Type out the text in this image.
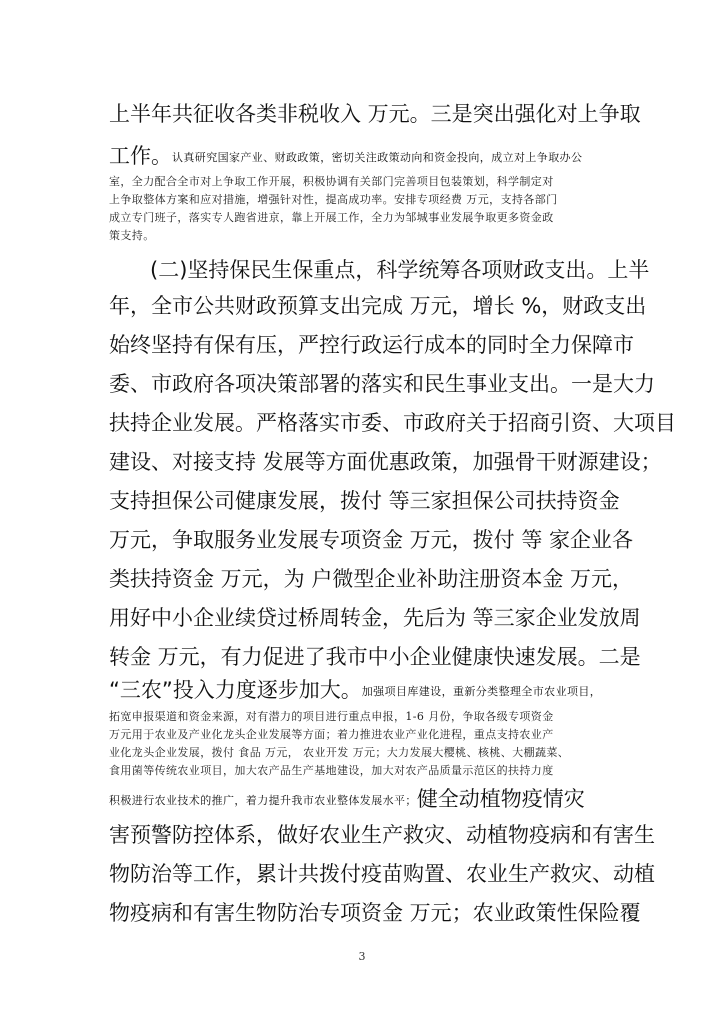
上半年共征收各类非税收入 万元。三是突出强化对上争取
工作。认真研究国家产业、财政政策，密切关注政策动向和资金投向，成立对上争取办公
室，全力配合全市对上争取工作开展，积极协调有关部门完善项目包装策划，科学制定对
上争取整体方案和应对措施，增强针对性，提高成功率。安排专项经费 万元，支持各部门
成立专门班子，落实专人跑省进京，靠上开展工作，全力为邹城事业发展争取更多资金政
策支持。
(二)坚持保民生保重点，科学统筹各项财政支出。上半
年，全市公共财政预算支出完成 万元，增长 %，财政支出
始终坚持有保有压，严控行政运行成本的同时全力保障市
委、市政府各项决策部署的落实和民生事业支出。一是大力
扶持企业发展。严格落实市委、市政府关于招商引资、大项目
建设、对接支持 发展等方面优惠政策，加强骨干财源建设；
支持担保公司健康发展，拨付 等三家担保公司扶持资金
万元，争取服务业发展专项资金 万元，拨付 等 家企业各
类扶持资金 万元，为 户微型企业补助注册资本金 万元，
用好中小企业续贷过桥周转金，先后为 等三家企业发放周
转金 万元，有力促进了我市中小企业健康快速发展。二是
“三农”投入力度逐步加大。加强项目库建设，重新分类整理全市农业项目，
拓宽申报渠道和资金来源，对有潜力的项目进行重点申报，1-6 月份，争取各级专项资金
万元用于农业及产业化龙头企业发展等方面；着力推进农业产业化进程，重点支持农业产
业化龙头企业发展，拨付 食品 万元， 农业开发 万元；大力发展大樱桃、核桃、大棚蔬菜、
食用菌等传统农业项目，加大农产品生产基地建设，加大对农产品质量示范区的扶持力度
积极进行农业技术的推广，着力提升我市农业整体发展水平；健全动植物疫情灾
害预警防控体系，做好农业生产救灾、动植物疫病和有害生
物防治等工作，累计共拨付疫苗购置、农业生产救灾、动植
物疫病和有害生物防治专项资金 万元；农业政策性保险覆
3
